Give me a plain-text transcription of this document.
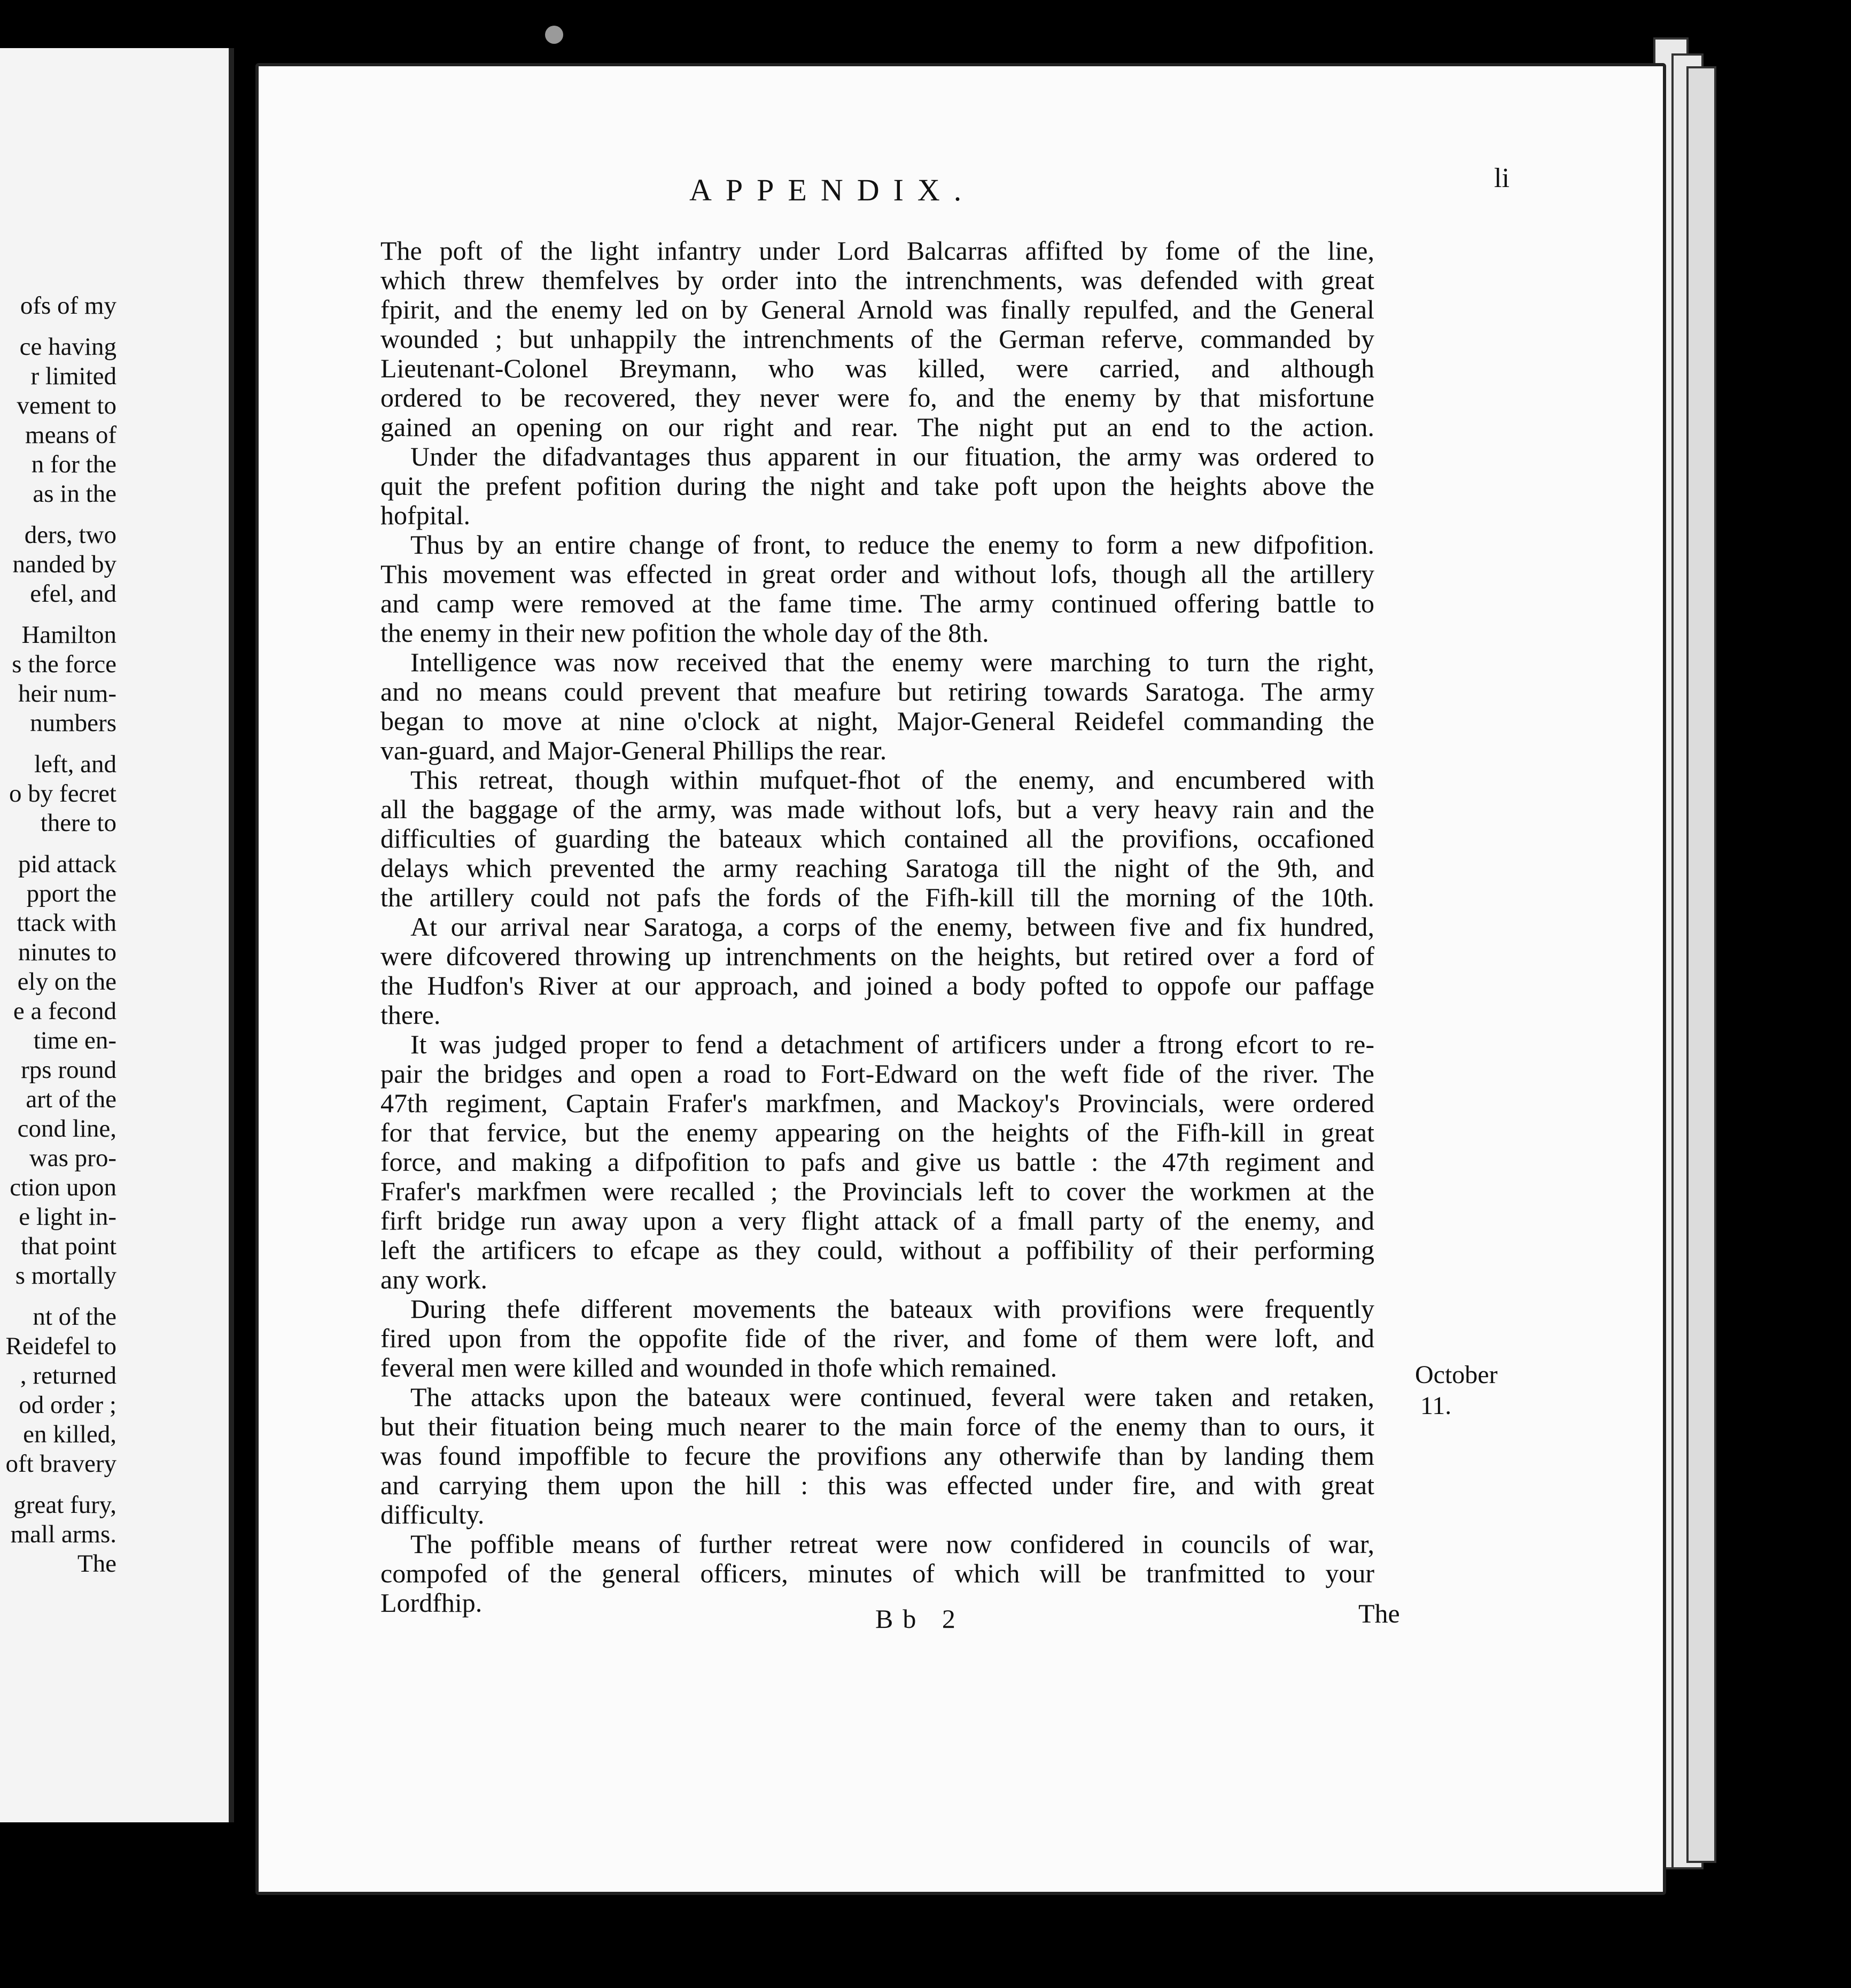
ofs of my
ce having
r limited
vement to
means of
n for the
as in the
ders, two
nanded by
efel, and
Hamilton
s the force
heir num-
numbers
left, and
o by fecret
there to
pid attack
pport the
ttack with
ninutes to
ely on the
e a fecond
time en-
rps round
art of the
cond line,
was pro-
ction upon
e light in-
that point
s mortally
nt of the
Reidefel to
, returned
od order ;
en killed,
oft bravery
great fury,
mall arms.
The
APPENDIX.	li
The poft of the light infantry under Lord Balcarras affifted by fome of the line,
which threw themfelves by order into the intrenchments, was defended with great
fpirit, and the enemy led on by General Arnold was finally repulfed, and the General
wounded ; but unhappily the intrenchments of the German referve, commanded by
Lieutenant-Colonel Breymann, who was killed, were carried, and although
ordered to be recovered, they never were fo, and the enemy by that misfortune
gained an opening on our right and rear. The night put an end to the action.
Under the difadvantages thus apparent in our fituation, the army was ordered to
quit the prefent pofition during the night and take poft upon the heights above the
hofpital.
Thus by an entire change of front, to reduce the enemy to form a new difpofition.
This movement was effected in great order and without lofs, though all the artillery
and camp were removed at the fame time. The army continued offering battle to
the enemy in their new pofition the whole day of the 8th.
Intelligence was now received that the enemy were marching to turn the right,
and no means could prevent that meafure but retiring towards Saratoga. The army
began to move at nine o'clock at night, Major-General Reidefel commanding the
van-guard, and Major-General Phillips the rear.
This retreat, though within mufquet-fhot of the enemy, and encumbered with
all the baggage of the army, was made without lofs, but a very heavy rain and the
difficulties of guarding the bateaux which contained all the provifions, occafioned
delays which prevented the army reaching Saratoga till the night of the 9th, and
the artillery could not pafs the fords of the Fifh-kill till the morning of the 10th.
At our arrival near Saratoga, a corps of the enemy, between five and fix hundred,
were difcovered throwing up intrenchments on the heights, but retired over a ford of
the Hudfon's River at our approach, and joined a body pofted to oppofe our paffage
there.
It was judged proper to fend a detachment of artificers under a ftrong efcort to re-
pair the bridges and open a road to Fort-Edward on the weft fide of the river. The
47th regiment, Captain Frafer's markfmen, and Mackoy's Provincials, were ordered
for that fervice, but the enemy appearing on the heights of the Fifh-kill in great
force, and making a difpofition to pafs and give us battle : the 47th regiment and
Frafer's markfmen were recalled ; the Provincials left to cover the workmen at the
firft bridge run away upon a very flight attack of a fmall party of the enemy, and
left the artificers to efcape as they could, without a poffibility of their performing
any work.
During thefe different movements the bateaux with provifions were frequently
fired upon from the oppofite fide of the river, and fome of them were loft, and
feveral men were killed and wounded in thofe which remained.
The attacks upon the bateaux were continued, feveral were taken and retaken,
but their fituation being much nearer to the main force of the enemy than to ours, it
was found impoffible to fecure the provifions any otherwife than by landing them
and carrying them upon the hill : this was effected under fire, and with great
difficulty.
The poffible means of further retreat were now confidered in councils of war,
compofed of the general officers, minutes of which will be tranfmitted to your
Lordfhip.
October
11.
Bb 2	The
